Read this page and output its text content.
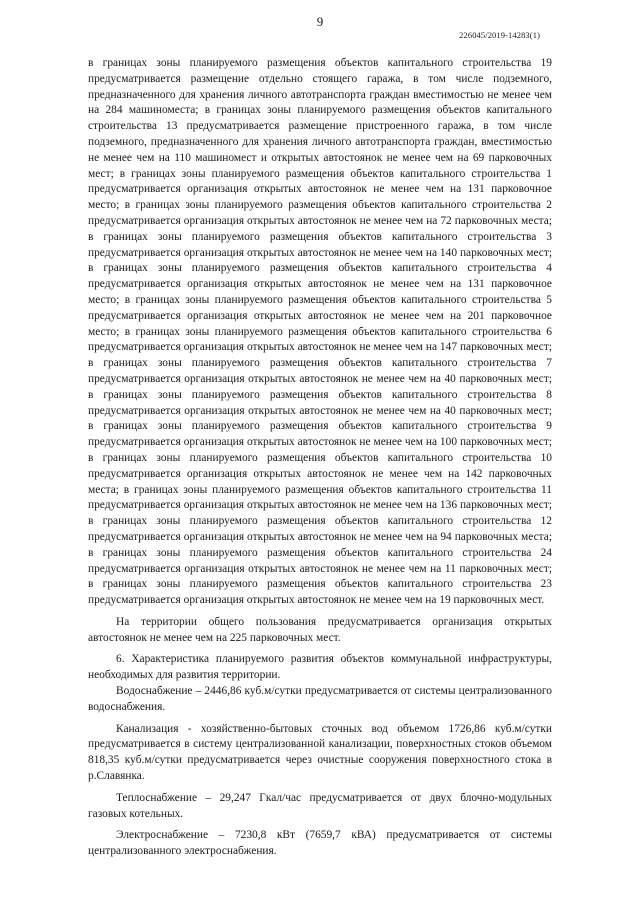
9
226045/2019-14283(1)

в границах зоны планируемого размещения объектов капитального строительства 19 предусматривается размещение отдельно стоящего гаража, в том числе подземного, предназначенного для хранения личного автотранспорта граждан вместимостью не менее чем на 284 машиноместа; в границах зоны планируемого размещения объектов капитального строительства 13 предусматривается размещение пристроенного гаража, в том числе подземного, предназначенного для хранения личного автотранспорта граждан, вместимостью не менее чем на 110 машиномест и открытых автостоянок не менее чем на 69 парковочных мест; в границах зоны планируемого размещения объектов капитального строительства 1 предусматривается организация открытых автостоянок не менее чем на 131 парковочное место; в границах зоны планируемого размещения объектов капитального строительства 2 предусматривается организация открытых автостоянок не менее чем на 72 парковочных места; в границах зоны планируемого размещения объектов капитального строительства 3 предусматривается организация открытых автостоянок не менее чем на 140 парковочных мест; в границах зоны планируемого размещения объектов капитального строительства 4 предусматривается организация открытых автостоянок не менее чем на 131 парковочное место; в границах зоны планируемого размещения объектов капитального строительства 5 предусматривается организация открытых автостоянок не менее чем на 201 парковочное место; в границах зоны планируемого размещения объектов капитального строительства 6 предусматривается организация открытых автостоянок не менее чем на 147 парковочных мест; в границах зоны планируемого размещения объектов капитального строительства 7 предусматривается организация открытых автостоянок не менее чем на 40 парковочных мест; в границах зоны планируемого размещения объектов капитального строительства 8 предусматривается организация открытых автостоянок не менее чем на 40 парковочных мест; в границах зоны планируемого размещения объектов капитального строительства 9 предусматривается организация открытых автостоянок не менее чем на 100 парковочных мест; в границах зоны планируемого размещения объектов капитального строительства 10 предусматривается организация открытых автостоянок не менее чем на 142 парковочных места; в границах зоны планируемого размещения объектов капитального строительства 11 предусматривается организация открытых автостоянок не менее чем на 136 парковочных мест; в границах зоны планируемого размещения объектов капитального строительства 12 предусматривается организация открытых автостоянок не менее чем на 94 парковочных места; в границах зоны планируемого размещения объектов капитального строительства 24 предусматривается организация открытых автостоянок не менее чем на 11 парковочных мест; в границах зоны планируемого размещения объектов капитального строительства 23 предусматривается организация открытых автостоянок не менее чем на 19 парковочных мест.

На территории общего пользования предусматривается организация открытых автостоянок не менее чем на 225 парковочных мест.

6. Характеристика планируемого развития объектов коммунальной инфраструктуры, необходимых для развития территории.

Водоснабжение – 2446,86 куб.м/сутки предусматривается от системы централизованного водоснабжения.

Канализация - хозяйственно-бытовых сточных вод объемом 1726,86 куб.м/сутки предусматривается в систему централизованной канализации, поверхностных стоков объемом 818,35 куб.м/сутки предусматривается через очистные сооружения поверхностного стока в р.Славянка.

Теплоснабжение – 29,247 Гкал/час предусматривается от двух блочно-модульных газовых котельных.

Электроснабжение – 7230,8 кВт (7659,7 кВА) предусматривается от системы централизованного электроснабжения.
